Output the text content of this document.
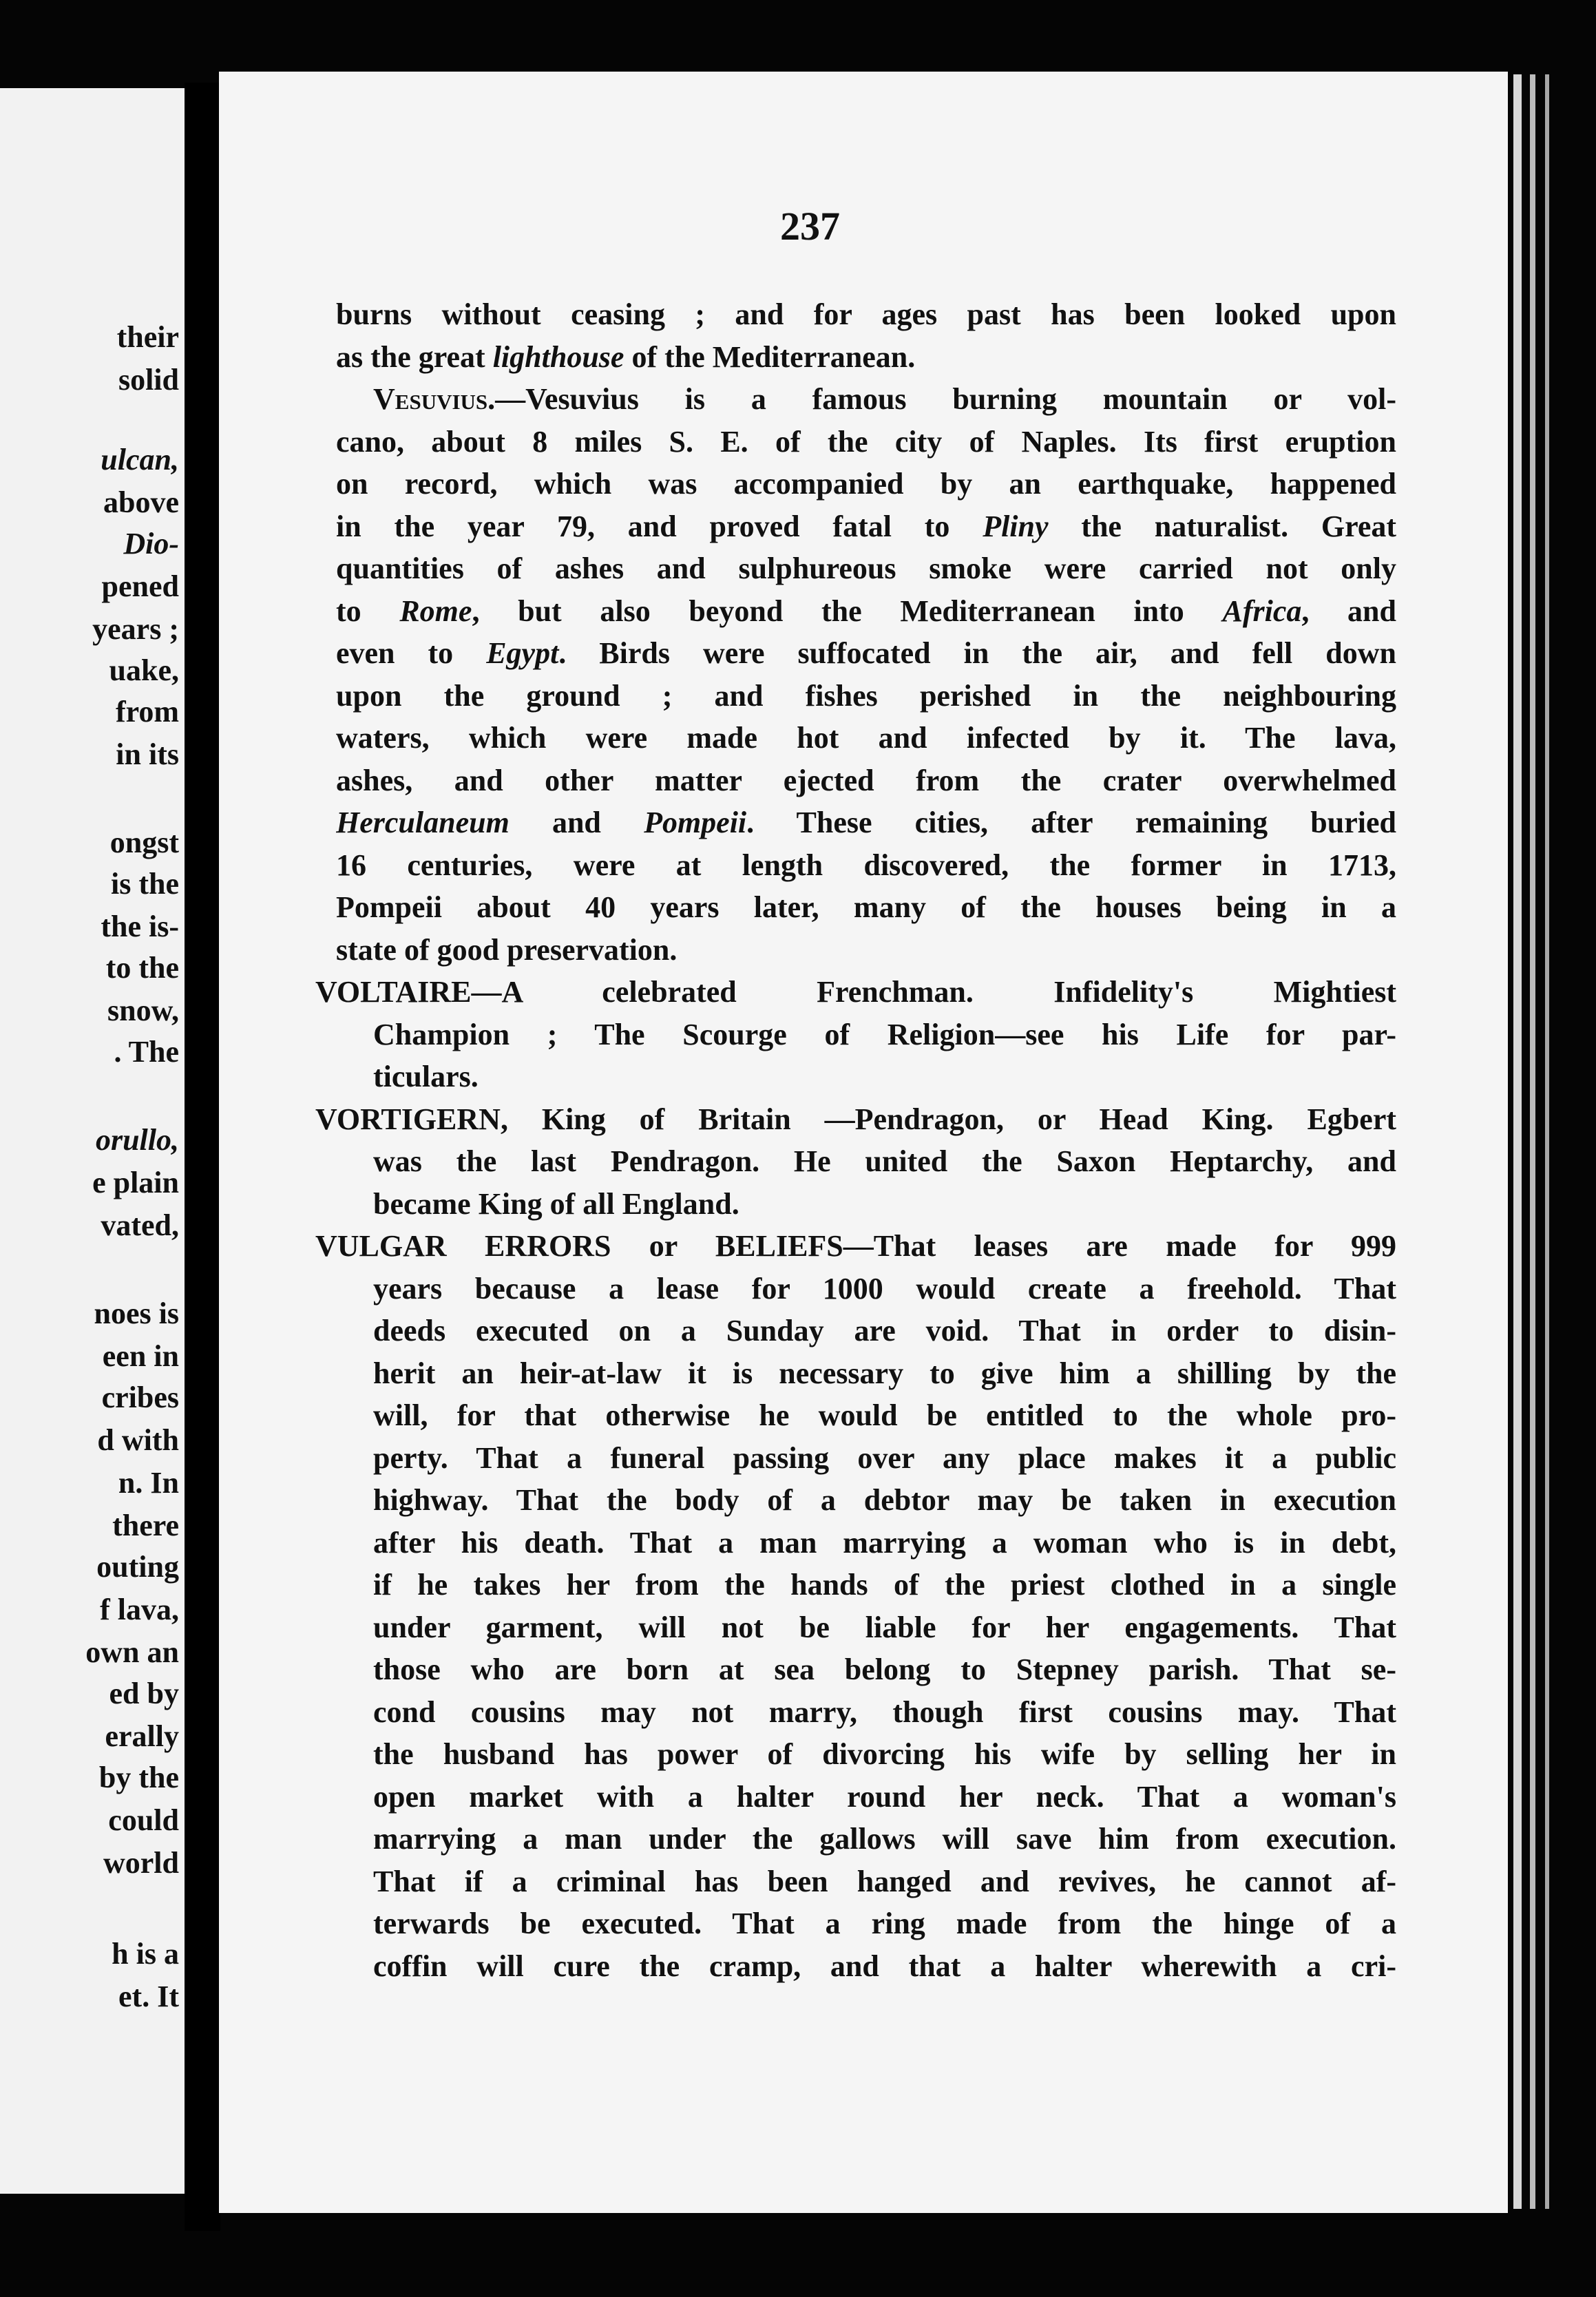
their
solid
ulcan,
above
Dio-
pened
years ;
uake,
from
in its
ongst
is the
the is-
to the
snow,
. The
orullo,
e plain
vated,
noes is
een in
cribes
d with
n. In
there
outing
f lava,
own an
ed by
erally
by the
could
world
h is a
et. It
237
burns without ceasing ; and for ages past has been looked upon
as the great lighthouse of the Mediterranean.
Vesuvius.—Vesuvius is a famous burning mountain or vol-
cano, about 8 miles S. E. of the city of Naples. Its first eruption
on record, which was accompanied by an earthquake, happened
in the year 79, and proved fatal to Pliny the naturalist. Great
quantities of ashes and sulphureous smoke were carried not only
to Rome, but also beyond the Mediterranean into Africa, and
even to Egypt. Birds were suffocated in the air, and fell down
upon the ground ; and fishes perished in the neighbouring
waters, which were made hot and infected by it. The lava,
ashes, and other matter ejected from the crater overwhelmed
Herculaneum and Pompeii. These cities, after remaining buried
16 centuries, were at length discovered, the former in 1713,
Pompeii about 40 years later, many of the houses being in a
state of good preservation.
VOLTAIRE—A celebrated Frenchman. Infidelity's Mightiest
Champion ; The Scourge of Religion—see his Life for par-
ticulars.
VORTIGERN, King of Britain —Pendragon, or Head King. Egbert
was the last Pendragon. He united the Saxon Heptarchy, and
became King of all England.
VULGAR ERRORS or BELIEFS—That leases are made for 999
years because a lease for 1000 would create a freehold. That
deeds executed on a Sunday are void. That in order to disin-
herit an heir-at-law it is necessary to give him a shilling by the
will, for that otherwise he would be entitled to the whole pro-
perty. That a funeral passing over any place makes it a public
highway. That the body of a debtor may be taken in execution
after his death. That a man marrying a woman who is in debt,
if he takes her from the hands of the priest clothed in a single
under garment, will not be liable for her engagements. That
those who are born at sea belong to Stepney parish. That se-
cond cousins may not marry, though first cousins may. That
the husband has power of divorcing his wife by selling her in
open market with a halter round her neck. That a woman's
marrying a man under the gallows will save him from execution.
That if a criminal has been hanged and revives, he cannot af-
terwards be executed. That a ring made from the hinge of a
coffin will cure the cramp, and that a halter wherewith a cri-
